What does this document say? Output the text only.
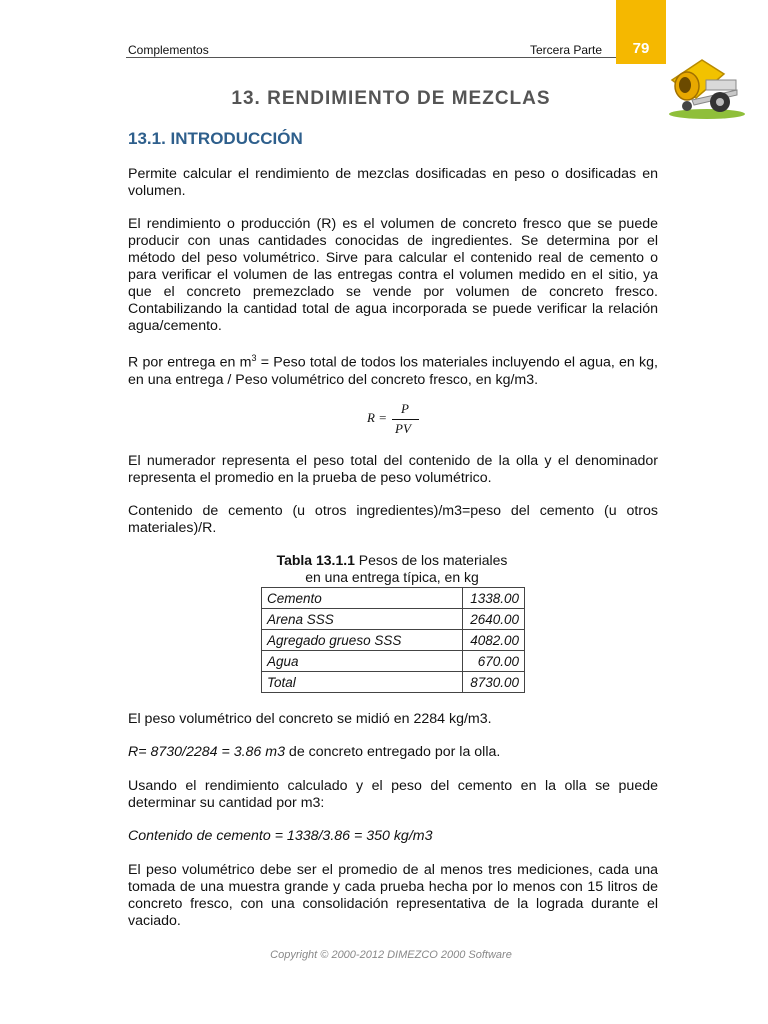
Complementos	Tercera Parte	79
13. RENDIMIENTO DE MEZCLAS
13.1. INTRODUCCIÓN
Permite calcular el rendimiento de mezclas dosificadas en peso o dosificadas en volumen.
El rendimiento o producción (R) es el volumen de concreto fresco que se puede producir con unas cantidades conocidas de ingredientes. Se determina por el método del peso volumétrico. Sirve para calcular el contenido real de cemento o para verificar el volumen de las entregas contra el volumen medido en el sitio, ya que el concreto premezclado se vende por volumen de concreto fresco. Contabilizando la cantidad total de agua incorporada se puede verificar la relación agua/cemento.
R por entrega en $m^3$ = Peso total de todos los materiales incluyendo el agua, en kg, en una entrega / Peso volumétrico del concreto fresco, en kg/m3.
R =
P
PV
El numerador representa el peso total del contenido de la olla y el denominador representa el promedio en la prueba de peso volumétrico.
Contenido de cemento (u otros ingredientes)/m3=peso del cemento (u otros materiales)/R.
Tabla 13.1.1 Pesos de los materiales
en una entrega típica, en kg
Cemento	1338.00
Arena SSS	2640.00
Agregado grueso SSS	4082.00
Agua	670.00
Total	8730.00
El peso volumétrico del concreto se midió en 2284 kg/m3.
R= 8730/2284 = 3.86 m3 de concreto entregado por la olla.
Usando el rendimiento calculado y el peso del cemento en la olla se puede determinar su cantidad por m3:
Contenido de cemento = 1338/3.86 = 350 kg/m3
El peso volumétrico debe ser el promedio de al menos tres mediciones, cada una tomada de una muestra grande y cada prueba hecha por lo menos con 15 litros de concreto fresco, con una consolidación representativa de la lograda durante el vaciado.
Copyright © 2000-2012 DIMEZCO 2000 Software
